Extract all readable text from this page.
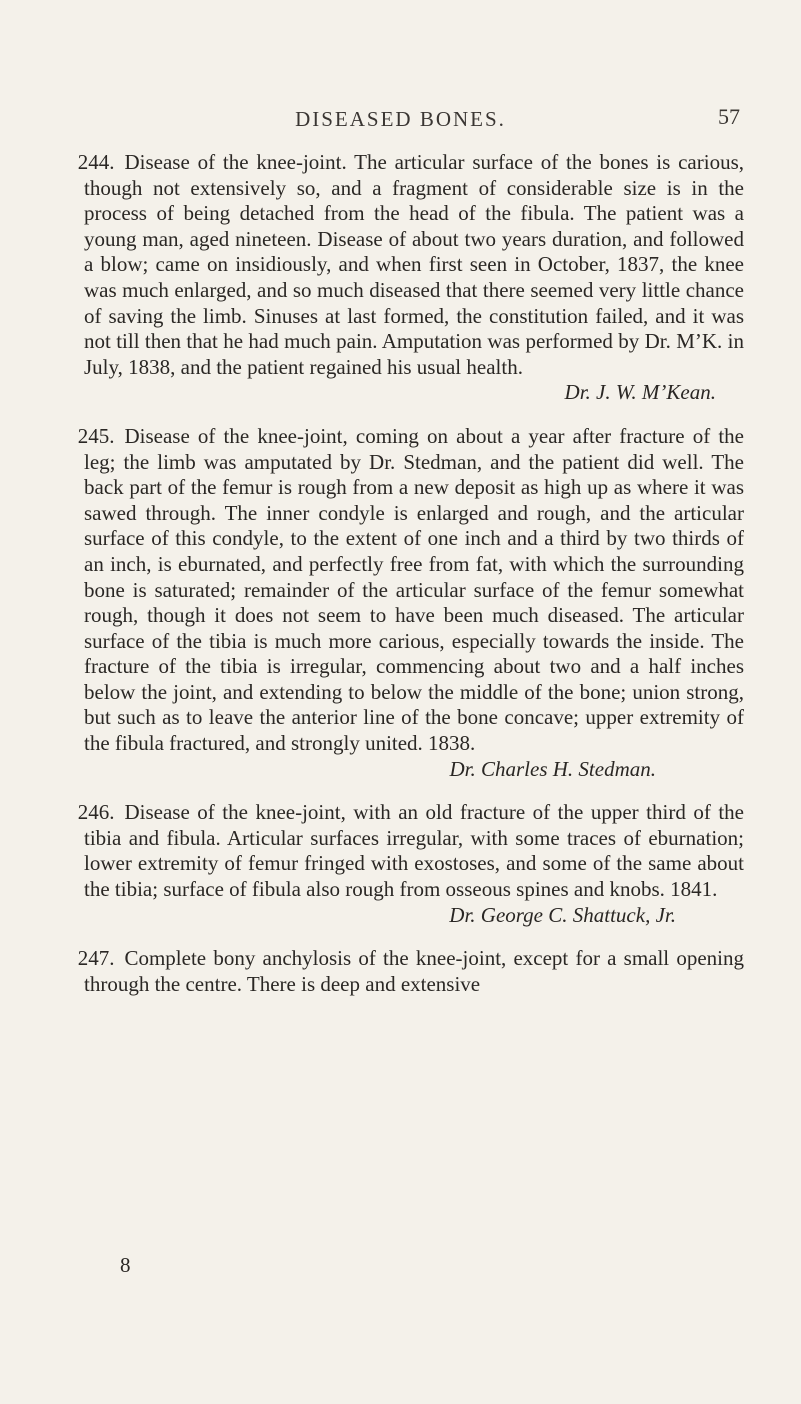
DISEASED BONES.	57
244. Disease of the knee-joint. The articular surface of the bones is carious, though not extensively so, and a fragment of considerable size is in the process of being detached from the head of the fibula. The patient was a young man, aged nineteen. Disease of about two years duration, and followed a blow; came on insidiously, and when first seen in October, 1837, the knee was much enlarged, and so much diseased that there seemed very little chance of saving the limb. Sinuses at last formed, the constitution failed, and it was not till then that he had much pain. Amputation was performed by Dr. M’K. in July, 1838, and the patient regained his usual health.
Dr. J. W. M’Kean.
245. Disease of the knee-joint, coming on about a year after fracture of the leg; the limb was amputated by Dr. Stedman, and the patient did well. The back part of the femur is rough from a new deposit as high up as where it was sawed through. The inner condyle is enlarged and rough, and the articular surface of this condyle, to the extent of one inch and a third by two thirds of an inch, is eburnated, and perfectly free from fat, with which the surrounding bone is saturated; remainder of the articular surface of the femur somewhat rough, though it does not seem to have been much diseased. The articular surface of the tibia is much more carious, especially towards the inside. The fracture of the tibia is irregular, commencing about two and a half inches below the joint, and extending to below the middle of the bone; union strong, but such as to leave the anterior line of the bone concave; upper extremity of the fibula fractured, and strongly united. 1838.
Dr. Charles H. Stedman.
246. Disease of the knee-joint, with an old fracture of the upper third of the tibia and fibula. Articular surfaces irregular, with some traces of eburnation; lower extremity of femur fringed with exostoses, and some of the same about the tibia; surface of fibula also rough from osseous spines and knobs. 1841.
Dr. George C. Shattuck, Jr.
247. Complete bony anchylosis of the knee-joint, except for a small opening through the centre. There is deep and extensive
8
